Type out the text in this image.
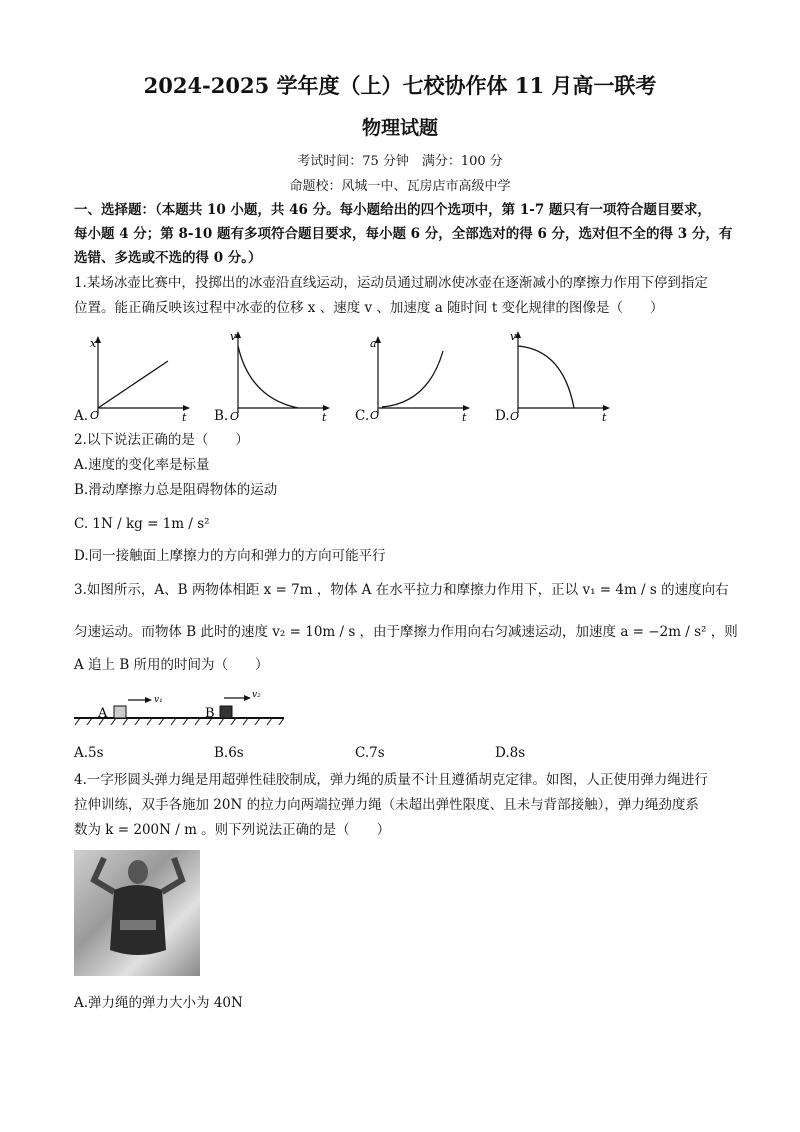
2024-2025 学年度（上）七校协作体 11 月高一联考
物理试题
考试时间：75 分钟　满分：100 分
命题校：风城一中、瓦房店市高级中学
一、选择题：（本题共 10 小题，共 46 分。每小题给出的四个选项中，第 1-7 题只有一项符合题目要求，
每小题 4 分；第 8-10 题有多项符合题目要求，每小题 6 分，全部选对的得 6 分，选对但不全的得 3 分，有
选错、多选或不选的得 0 分。）
1.某场冰壶比赛中，投掷出的冰壶沿直线运动，运动员通过刷冰使冰壶在逐渐减小的摩擦力作用下停到指定
位置。能正确反映该过程中冰壶的位移 x 、速度 v 、加速度 a 随时间 t 变化规律的图像是（　　）
A.
x
t
O	B.
v
t
O	C.
a
t
O	D.
v
t
O
2.以下说法正确的是（　　）
A.速度的变化率是标量
B.滑动摩擦力总是阻碍物体的运动
C. 1N / kg = 1m / s²
D.同一接触面上摩擦力的方向和弹力的方向可能平行
3.如图所示，A、B 两物体相距 x = 7m ，物体 A 在水平拉力和摩擦力作用下，正以 v₁ = 4m / s 的速度向右
匀速运动。而物体 B 此时的速度 v₂ = 10m / s ，由于摩擦力作用向右匀减速运动，加速度 a = −2m / s² ，则
A 追上 B 所用的时间为（　　）
A	B
v₁	v₂
A.5s	B.6s	C.7s	D.8s
4.一字形圆头弹力绳是用超弹性硅胶制成，弹力绳的质量不计且遵循胡克定律。如图，人正使用弹力绳进行
拉伸训练，双手各施加 20N 的拉力向两端拉弹力绳（未超出弹性限度、且未与背部接触），弹力绳劲度系
数为 k = 200N / m 。则下列说法正确的是（　　）
A.弹力绳的弹力大小为 40N
